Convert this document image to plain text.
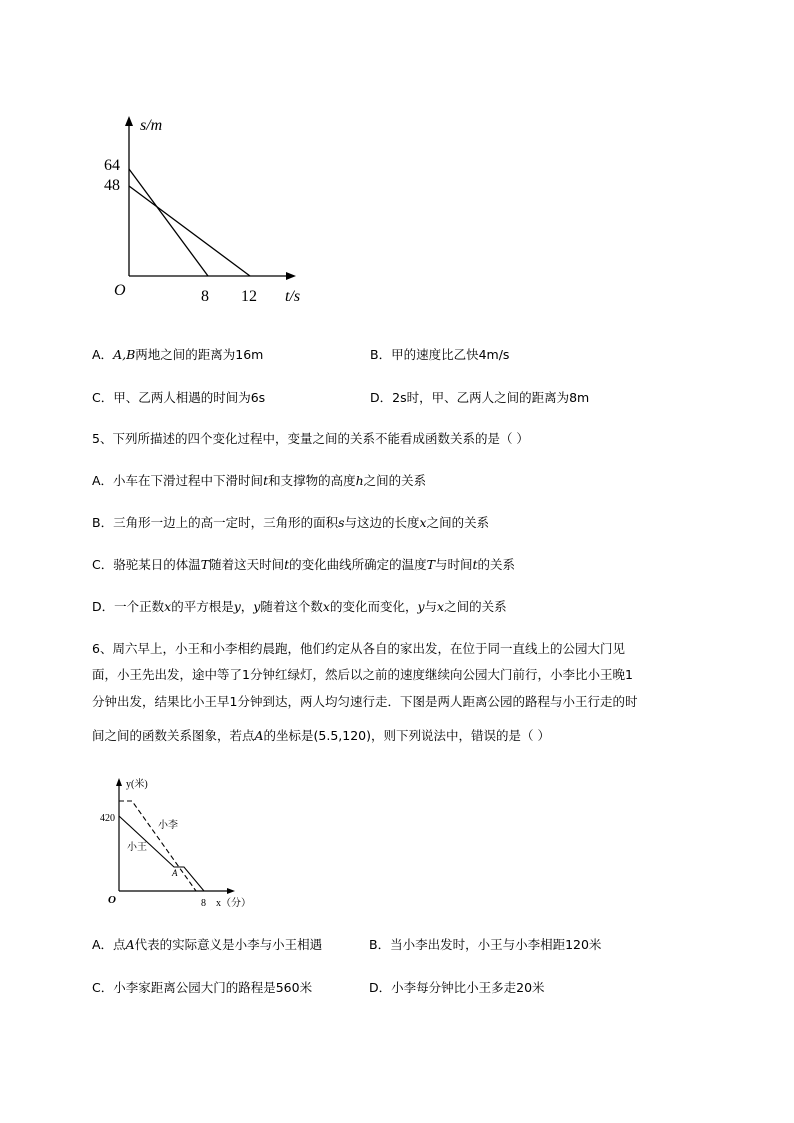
s/m
64
48
O	8 12 t/s
A．A,B两地之间的距离为16m	B．甲的速度比乙快4m/s
C．甲、乙两人相遇的时间为6s	D．2s时，甲、乙两人之间的距离为8m
5、下列所描述的四个变化过程中，变量之间的关系不能看成函数关系的是（ ）
A．小车在下滑过程中下滑时间t和支撑物的高度h之间的关系
B．三角形一边上的高一定时，三角形的面积s与这边的长度x之间的关系
C．骆驼某日的体温T随着这天时间t的变化曲线所确定的温度T与时间t的关系
D．一个正数x的平方根是y，y随着这个数x的变化而变化，y与x之间的关系
6、周六早上，小王和小李相约晨跑，他们约定从各自的家出发，在位于同一直线上的公园大门见
面，小王先出发，途中等了1分钟红绿灯，然后以之前的速度继续向公园大门前行，小李比小王晚1
分钟出发，结果比小王早1分钟到达，两人均匀速行走．下图是两人距离公园的路程与小王行走的时
间之间的函数关系图象，若点A的坐标是(5.5,120)，则下列说法中，错误的是（ ）
y(米)
420
小李
小王
A
O	8 x（分）
A．点A代表的实际意义是小李与小王相遇	B．当小李出发时，小王与小李相距120米
C．小李家距离公园大门的路程是560米	D．小李每分钟比小王多走20米
